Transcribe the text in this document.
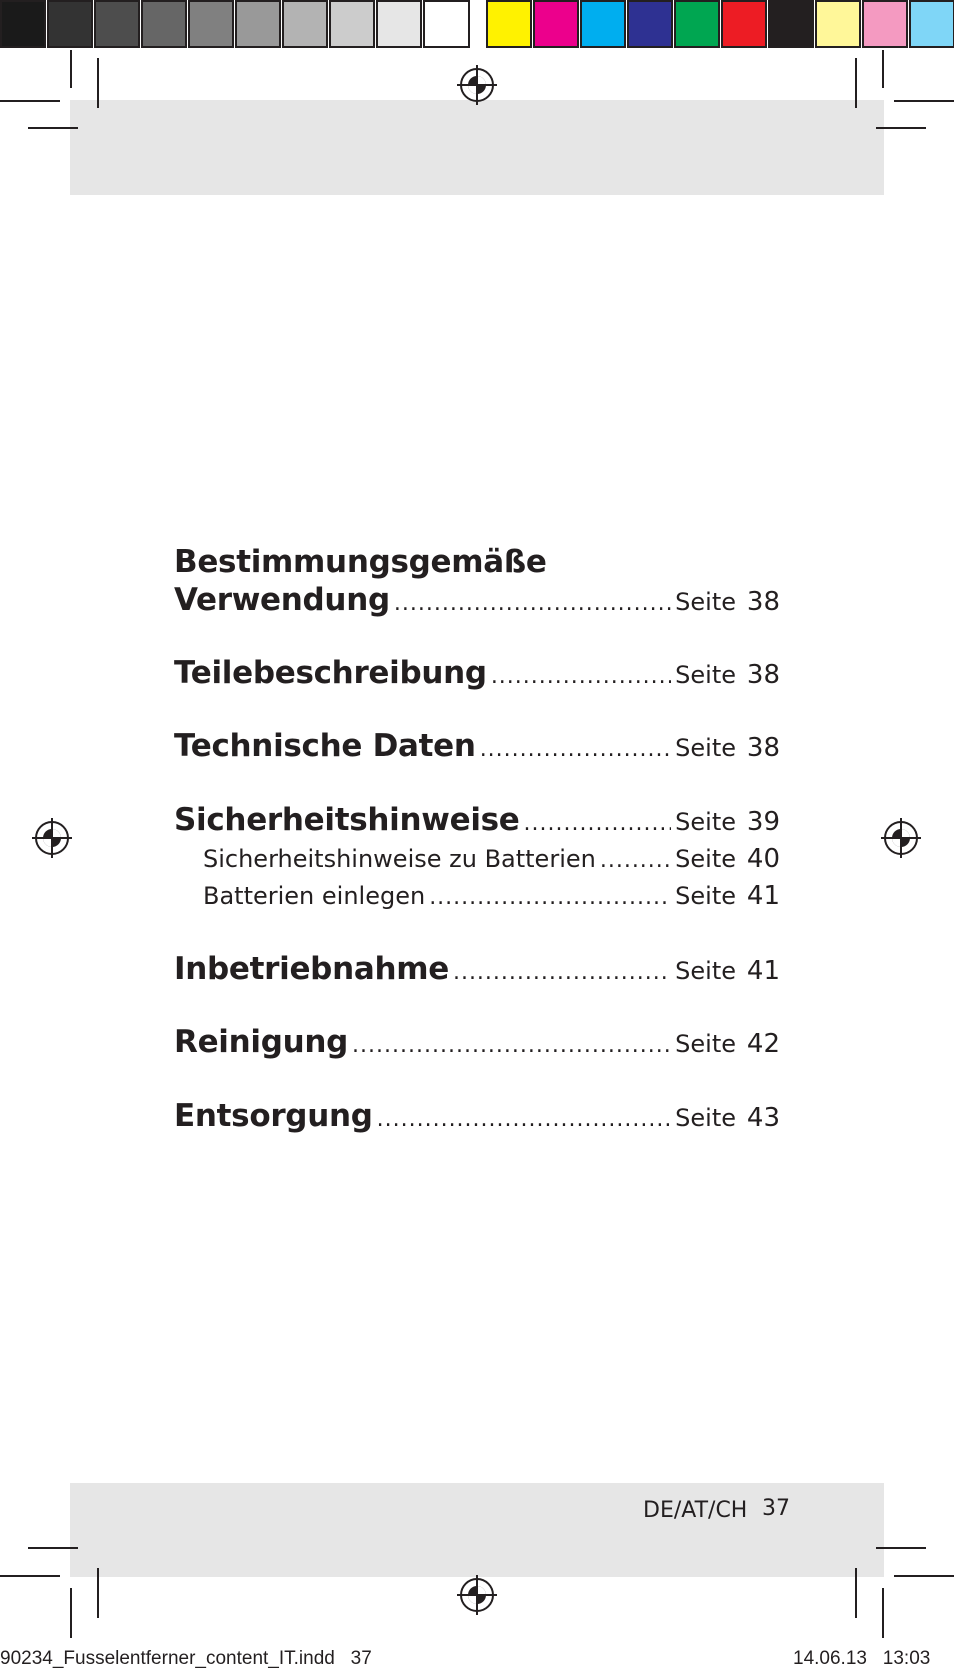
Bestimmungsgemäße
Verwendung .....	Seite 38
Teilebeschreibung .....	Seite 38
Technische Daten .....	Seite 38
Sicherheitshinweise .....	Seite 39
Sicherheitshinweise zu Batterien .....	Seite 40
Batterien einlegen .....	Seite 41
Inbetriebnahme .....	Seite 41
Reinigung .....	Seite 42
Entsorgung .....	Seite 43
DE/AT/CH 37
90234_Fusselentferner_content_IT.indd   37	14.06.13   13:03
